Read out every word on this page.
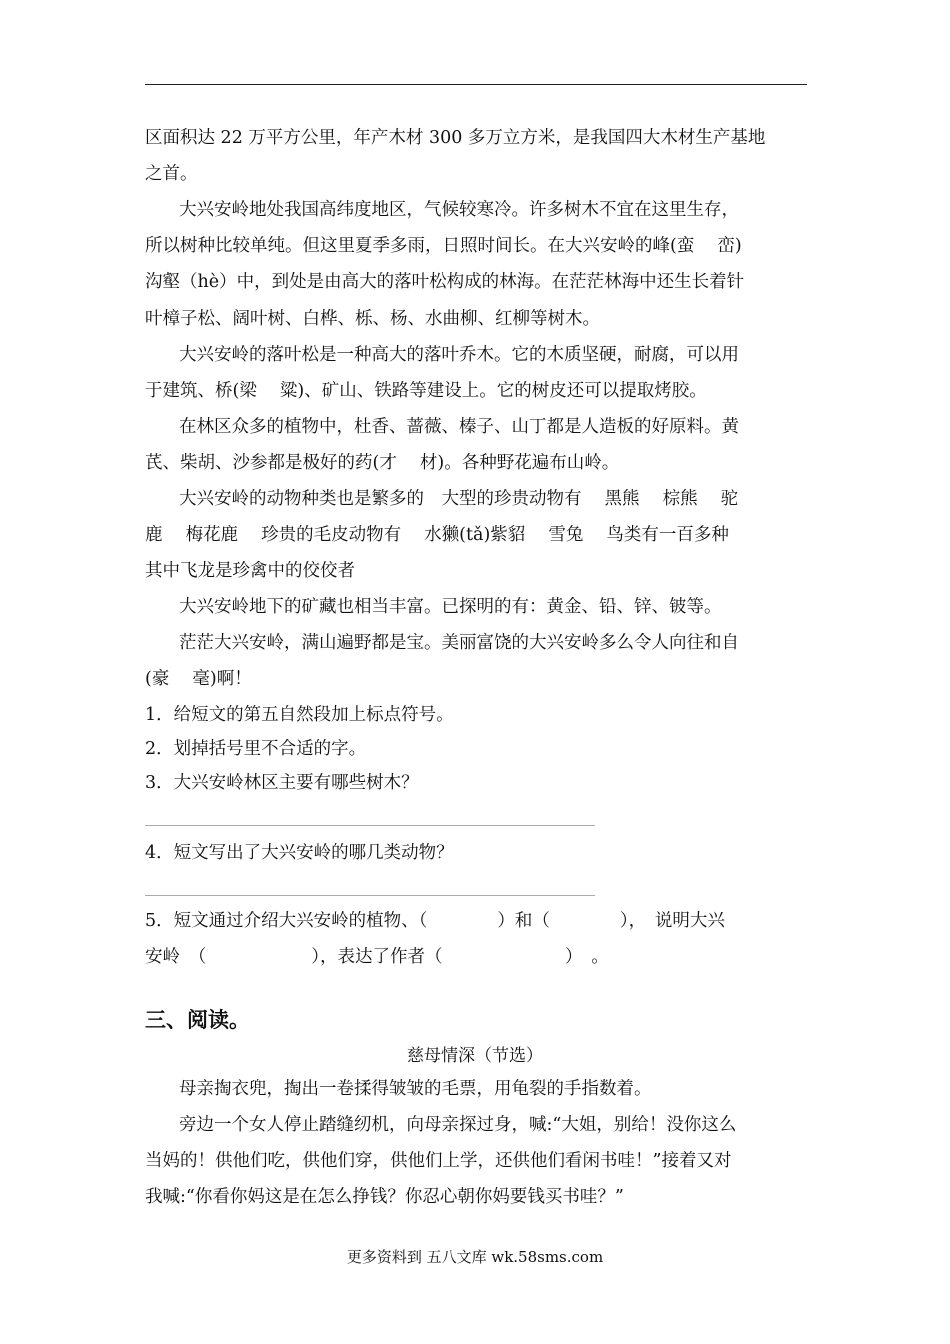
区面积达 22 万平方公里，年产木材 300 多万立方米，是我国四大木材生产基地
之首。
大兴安岭地处我国高纬度地区，气候较寒冷。许多树木不宜在这里生存，
所以树种比较单纯。但这里夏季多雨，日照时间长。在大兴安岭的峰(蛮　 峦)
沟壑（hè）中，到处是由高大的落叶松构成的林海。在茫茫林海中还生长着针
叶樟子松、阔叶树、白桦、栎、杨、水曲柳、红柳等树木。
大兴安岭的落叶松是一种高大的落叶乔木。它的木质坚硬，耐腐，可以用
于建筑、桥(梁　 粱)、矿山、铁路等建设上。它的树皮还可以提取烤胶。
在林区众多的植物中，杜香、蔷薇、榛子、山丁都是人造板的好原料。黄
芪、柴胡、沙参都是极好的药(才　 材)。各种野花遍布山岭。
大兴安岭的动物种类也是繁多的　大型的珍贵动物有　 黑熊　 棕熊　 驼
鹿　 梅花鹿　 珍贵的毛皮动物有　 水獭(tǎ)紫貂　 雪兔　 鸟类有一百多种
其中飞龙是珍禽中的佼佼者
大兴安岭地下的矿藏也相当丰富。已探明的有：黄金、铅、锌、铍等。
茫茫大兴安岭，满山遍野都是宝。美丽富饶的大兴安岭多么令人向往和自
(豪　 毫)啊！
1．给短文的第五自然段加上标点符号。
2．划掉括号里不合适的字。
3．大兴安岭林区主要有哪些树木？
4．短文写出了大兴安岭的哪几类动物？
5．短文通过介绍大兴安岭的植物、（　　　　）和（　　　　），　说明大兴
安岭　（　　　　　　），表达了作者（　　　　　　　）　。
三、阅读。
慈母情深（节选）
母亲掏衣兜，掏出一卷揉得皱皱的毛票，用龟裂的手指数着。
旁边一个女人停止踏缝纫机，向母亲探过身，喊:“大姐，别给！没你这么
当妈的！供他们吃，供他们穿，供他们上学，还供他们看闲书哇！”接着又对
我喊:“你看你妈这是在怎么挣钱？你忍心朝你妈要钱买书哇？”
更多资料到 五八文库 wk.58sms.com
